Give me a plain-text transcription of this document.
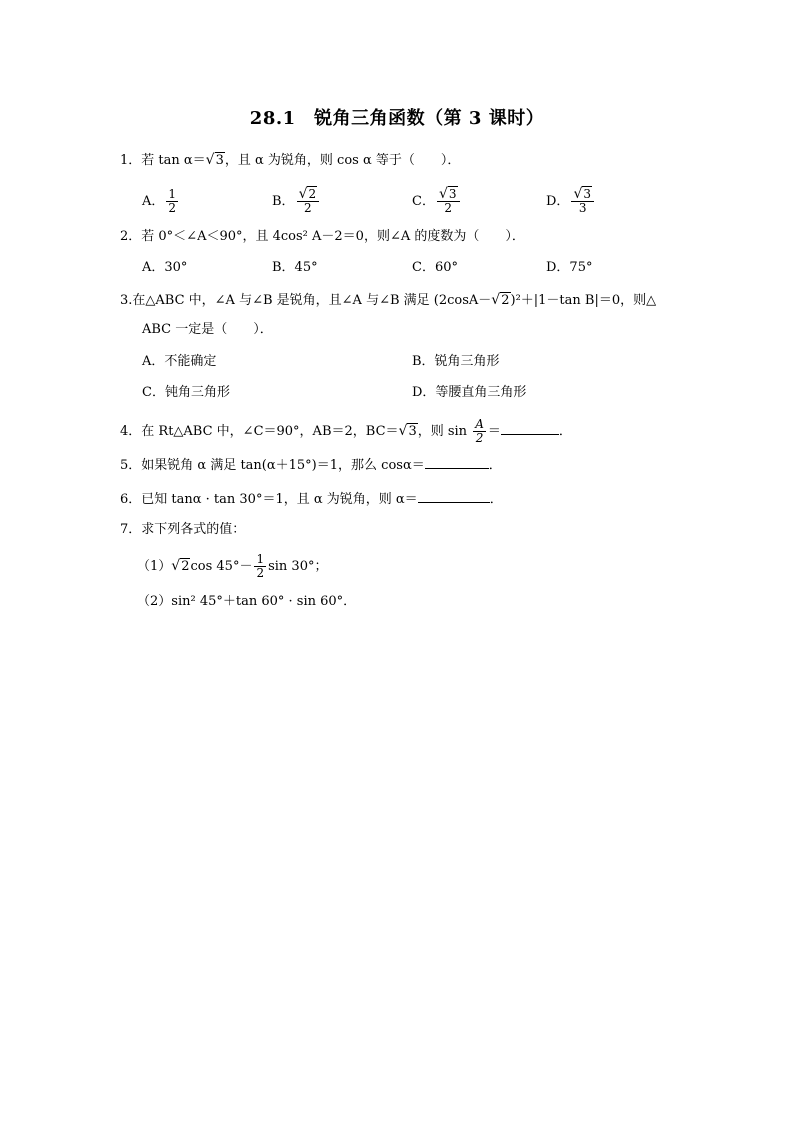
28.1　锐角三角函数（第 3 课时）
1．若 tan α＝√3，且 α 为锐角，则 cos α 等于（　　）．
A． $\frac{1}{2}$	B． $\frac{√2}{2}$	C． $\frac{√3}{2}$	D． $\frac{√3}{3}$
2．若 0°＜∠A＜90°，且 4cos² A－2＝0，则∠A 的度数为（　　）．
A．30°	B．45°	C．60°	D．75°
3.在△ABC 中，∠A 与∠B 是锐角，且∠A 与∠B 满足 (2cosA－√2)²＋|1－tan B|＝0，则△
ABC 一定是（　　）．
A．不能确定	B．锐角三角形
C．钝角三角形	D．等腰直角三角形
4．在 Rt△ABC 中，∠C＝90°，AB＝2，BC＝√3，则 $\sin \frac{A}{2}$ ＝	．
5．如果锐角 α 满足 tan(α＋15°)＝1，那么 cosα＝	．
6．已知 tanα · tan 30°＝1，且 α 为锐角，则 α＝	．
7．求下列各式的值：
（1）√2cos $45^\circ- \frac{1}{2}$ sin 30°；
（2）sin² 45°＋tan 60° · sin 60°．
